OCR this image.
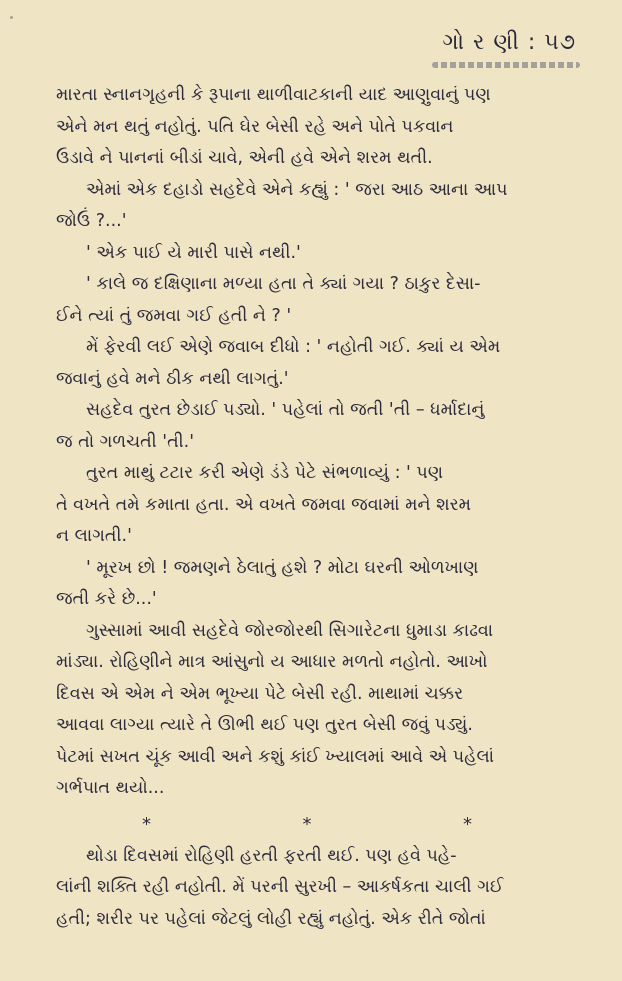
ગો ર ણી : ૫૭
મારતા સ્નાનગૃહની કે રૂપાના થાળીવાટકાની યાદ આણુવાનું પણ
એને મન થતું નહોતું. પતિ ઘેર બેસી રહે અને પોતે પકવાન
ઉડાવે ને પાનનાં બીડાં ચાવે, એની હવે એને શરમ થતી.
એમાં એક દહાડો સહદેવે એને કહ્યું : ' જરા આઠ આના આપ
જોઉં ?...'
' એક પાઈ યે મારી પાસે નથી.'
' કાલે જ દક્ષિણાના મળ્યા હતા તે ક્યાં ગયા ? ઠાકુર દેસા-
ઈને ત્યાં તું જમવા ગઈ હતી ને ? '
મેં ફેરવી લઈ એણે જવાબ દીધો : ' નહોતી ગઈ. ક્યાં ય એમ
જવાનું હવે મને ઠીક નથી લાગતું.'
સહદેવ તુરત છેડાઈ પડ્યો. ' પહેલાં તો જતી 'તી – ધર્માદાનું
જ તો ગળચતી 'તી.'
તુરત માથું ટટાર કરી એણે ડંડે પેટે સંભળાવ્યું : ' પણ
તે વખતે તમે કમાતા હતા. એ વખતે જમવા જવામાં મને શરમ
ન લાગતી.'
' મૂરખ છો ! જમણને ઠેલાતું હશે ? મોટા ઘરની ઓળખાણ
જતી કરે છે...'
ગુસ્સામાં આવી સહદેવે જોરજોરથી સિગારેટના ધુમાડા કાઢવા
માંડ્યા. રોહિણીને માત્ર આંસુનો ય આધાર મળતો નહોતો. આખો
દિવસ એ એમ ને એમ ભૂખ્યા પેટે બેસી રહી. માથામાં ચક્કર
આવવા લાગ્યા ત્યારે તે ઊભી થઈ પણ તુરત બેસી જવું પડ્યું.
પેટમાં સખત ચૂંક આવી અને કશું કાંઈ ખ્યાલમાં આવે એ પહેલાં
ગર્ભપાત થયો...
*	*	*
થોડા દિવસમાં રોહિણી હરતી ફરતી થઈ. પણ હવે પહે-
લાંની શક્તિ રહી નહોતી. મેં પરની સુરખી – આકર્ષકતા ચાલી ગઈ
હતી; શરીર પર પહેલાં જેટલું લોહી રહ્યું નહોતું. એક રીતે જોતાં
